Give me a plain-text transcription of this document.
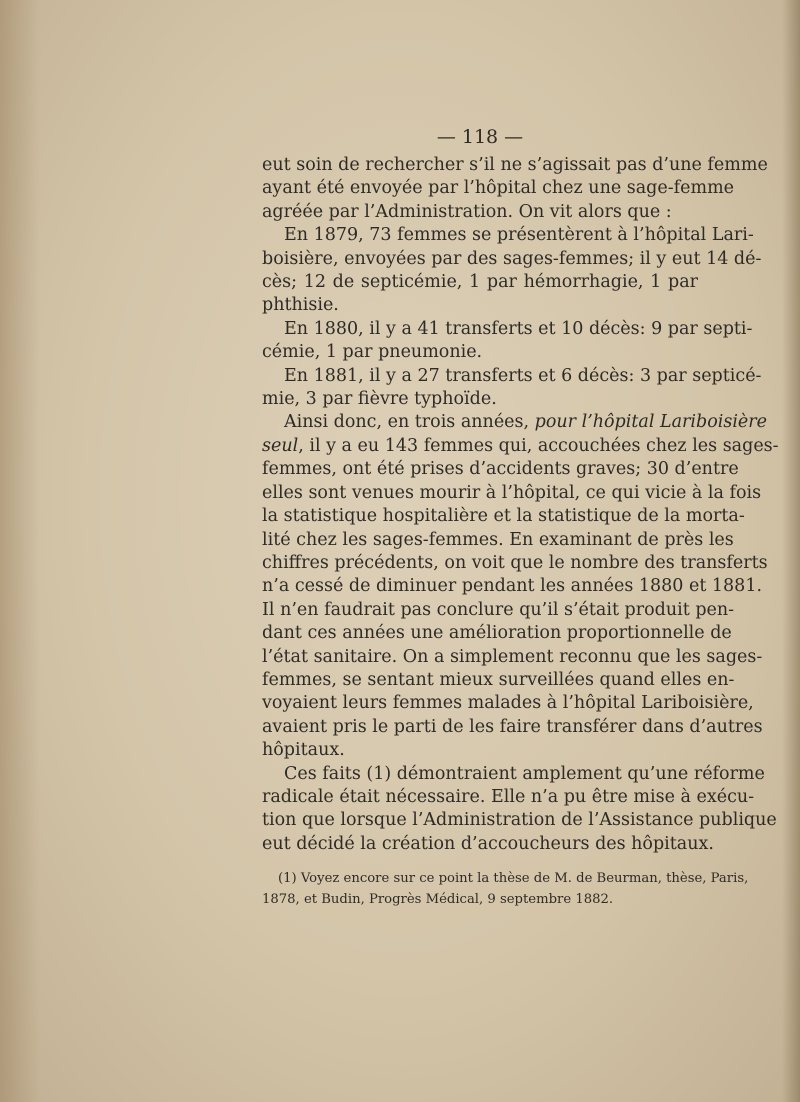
— 118 —
eut soin de rechercher s’il ne s’agissait pas d’une femme
ayant été envoyée par l’hôpital chez une sage-femme
agréée par l’Administration. On vit alors que :
En 1879, 73 femmes se présentèrent à l’hôpital Lari-
boisière, envoyées par des sages-femmes; il y eut 14 dé-
cès; 12 de septicémie, 1 par hémorrhagie, 1 par
phthisie.
En 1880, il y a 41 transferts et 10 décès: 9 par septi-
cémie, 1 par pneumonie.
En 1881, il y a 27 transferts et 6 décès: 3 par septicé-
mie, 3 par fièvre typhoïde.
Ainsi donc, en trois années, pour l’hôpital Lariboisière
seul, il y a eu 143 femmes qui, accouchées chez les sages-
femmes, ont été prises d’accidents graves; 30 d’entre
elles sont venues mourir à l’hôpital, ce qui vicie à la fois
la statistique hospitalière et la statistique de la morta-
lité chez les sages-femmes. En examinant de près les
chiffres précédents, on voit que le nombre des transferts
n’a cessé de diminuer pendant les années 1880 et 1881.
Il n’en faudrait pas conclure qu’il s’était produit pen-
dant ces années une amélioration proportionnelle de
l’état sanitaire. On a simplement reconnu que les sages-
femmes, se sentant mieux surveillées quand elles en-
voyaient leurs femmes malades à l’hôpital Lariboisière,
avaient pris le parti de les faire transférer dans d’autres
hôpitaux.
Ces faits (1) démontraient amplement qu’une réforme
radicale était nécessaire. Elle n’a pu être mise à exécu-
tion que lorsque l’Administration de l’Assistance publique
eut décidé la création d’accoucheurs des hôpitaux.
(1) Voyez encore sur ce point la thèse de M. de Beurman, thèse, Paris,
1878, et Budin, Progrès Médical, 9 septembre 1882.
